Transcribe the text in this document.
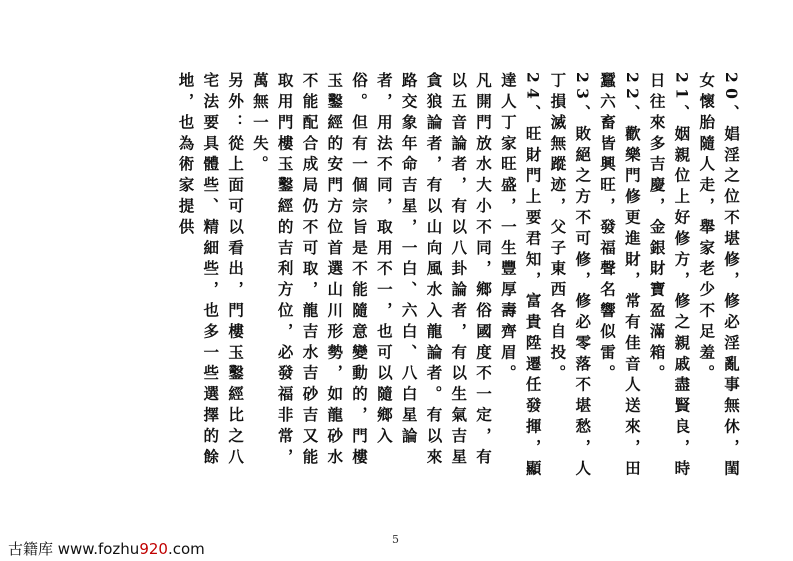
20、娼淫之位不堪修，修必淫亂事無休，閨女懷胎隨人走，舉家老少不足羞。

21、姻親位上好修方，修之親戚盡賢良，時日往來多吉慶，金銀財寶盈滿箱。

22、歡樂門修更進財，常有佳音人送來，田蠶六畜皆興旺，發福聲名響似雷。

23、敗絕之方不可修，修必零落不堪愁，人丁損滅無蹤迹，父子東西各自投。

24、旺財門上要君知，富貴陞遷任發揮，顯達人丁家旺盛，一生豐厚壽齊眉。

凡開門放水大小不同，鄉俗國度不一定，有以五音論者，有以八卦論者，有以生氣吉星貪狼論者，有以山向風水入龍論者。有以來路交象年命吉星，一白、六白、八白星論者，用法不同，取用不一，也可以隨鄉入俗。但有一個宗旨是不能隨意變動的，門樓玉鑿經的安門方位首選山川形勢，如龍砂水不能配合成局仍不可取，龍吉水吉砂吉又能取用門樓玉鑿經的吉利方位，必發福非常，萬無一失。

另外：從上面可以看出，門樓玉鑿經比之八宅法要具體些、精細些，也多一些選擇的餘地，也為術家提供

5
古籍库 www.fozhu920.com
